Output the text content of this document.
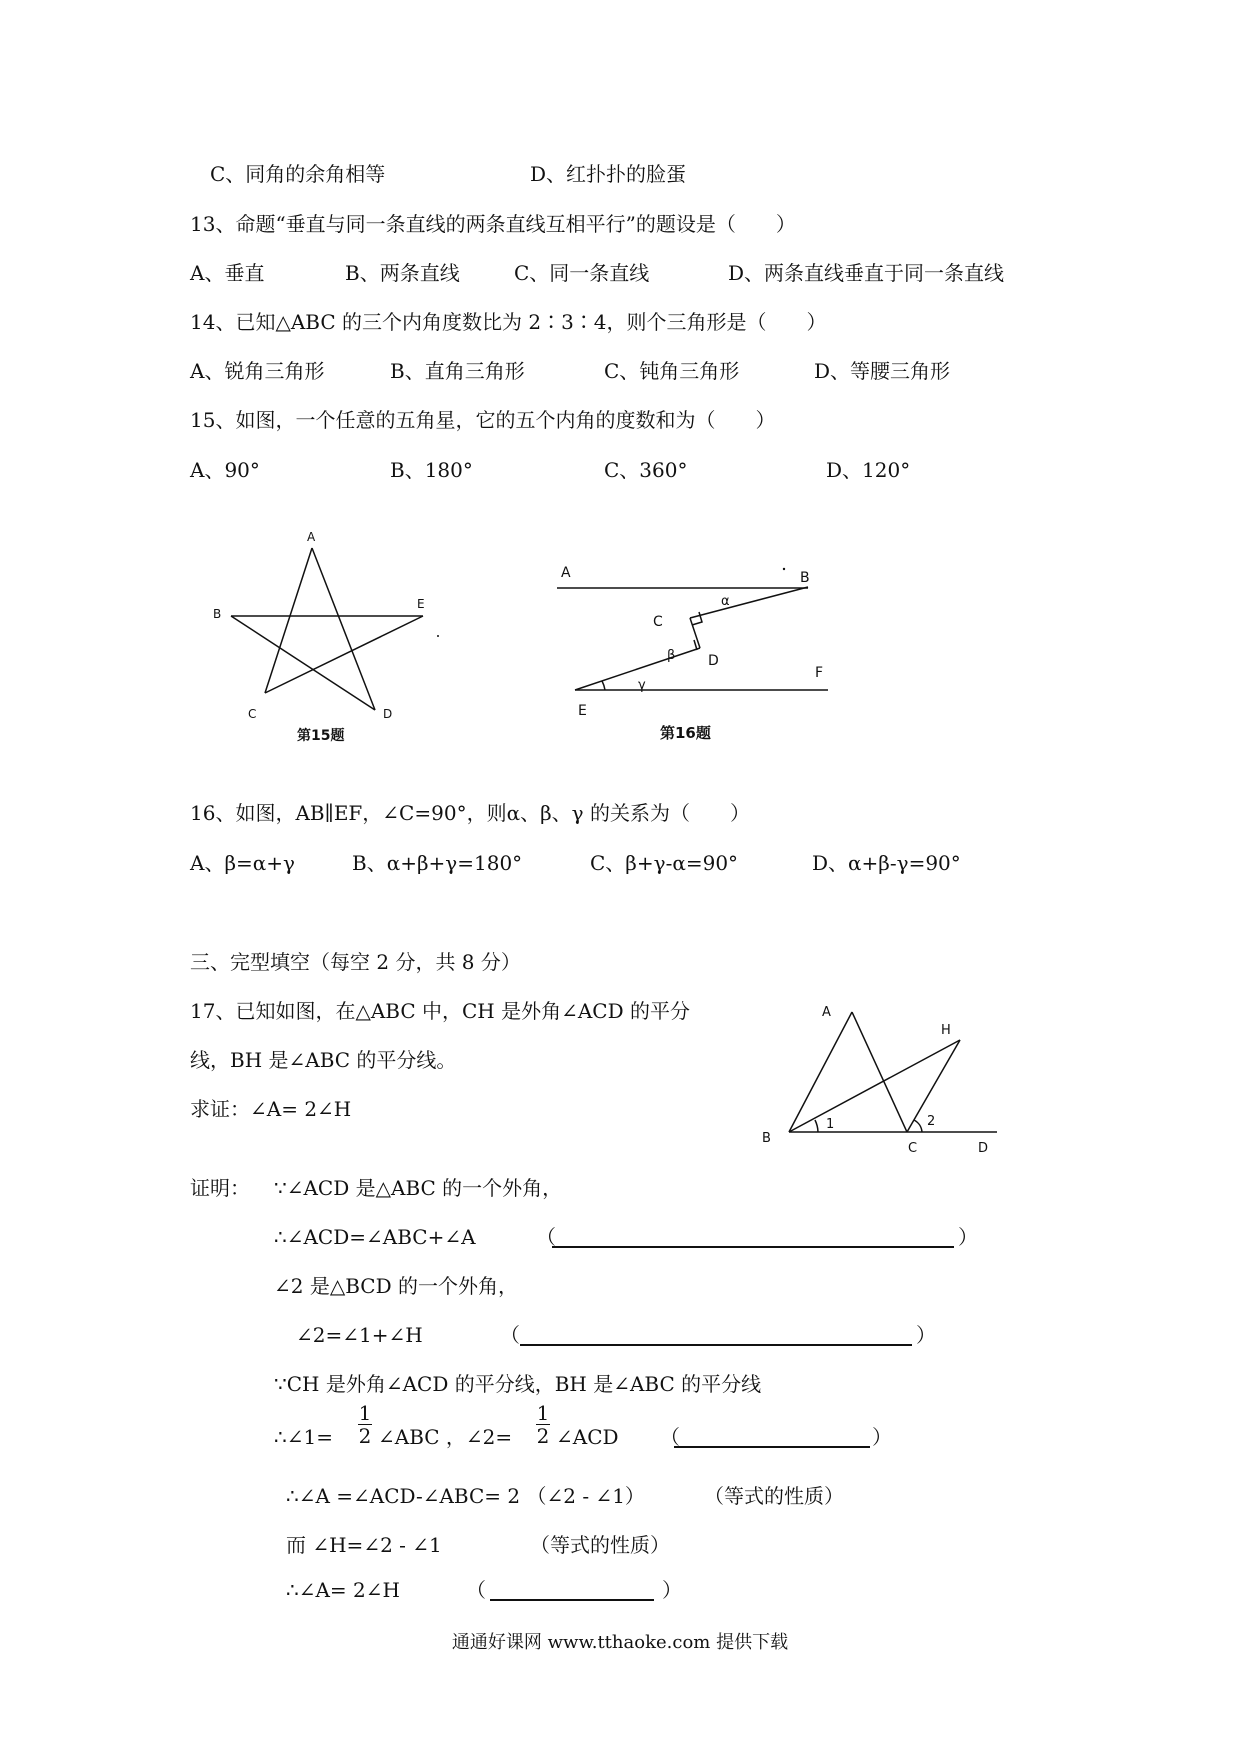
C、同角的余角相等	D、红扑扑的脸蛋
13、命题“垂直与同一条直线的两条直线互相平行”的题设是（　　）
A、垂直	B、两条直线	C、同一条直线	D、两条直线垂直于同一条直线
14、已知△ABC 的三个内角度数比为 2∶3∶4，则个三角形是（　　）
A、锐角三角形	B、直角三角形	C、钝角三角形	D、等腰三角形
15、如图，一个任意的五角星，它的五个内角的度数和为（　　）
A、90°	B、180°	C、360°	D、120°
A
B
C	D
E
第15题
A	B
C
D
E
F
α
β
γ
第16题
16、如图，AB∥EF，∠C=90°，则α、β、γ 的关系为（　　）
A、β=α+γ	B、α+β+γ=180°	C、β+γ-α=90°	D、α+β-γ=90°
三、完型填空（每空 2 分，共 8 分）
17、已知如图，在△ABC 中，CH 是外角∠ACD 的平分
线，BH 是∠ABC 的平分线。
求证：∠A= 2∠H
A
B
C	D
H
1	2
证明： ∵∠ACD 是△ABC 的一个外角，
∴∠ACD=∠ABC+∠A	（	）
∠2 是△BCD 的一个外角，
∠2=∠1+∠H	（	）
∵CH 是外角∠ACD 的平分线，BH 是∠ABC 的平分线
∴∠1=
1
2 ∠ABC ，∠2=
1
2 ∠ACD （	）
∴∠A =∠ACD-∠ABC= 2 （∠2 - ∠1）	（等式的性质）
而 ∠H=∠2 - ∠1	（等式的性质）
∴∠A= 2∠H	（	）
通通好课网 www.tthaoke.com 提供下载
